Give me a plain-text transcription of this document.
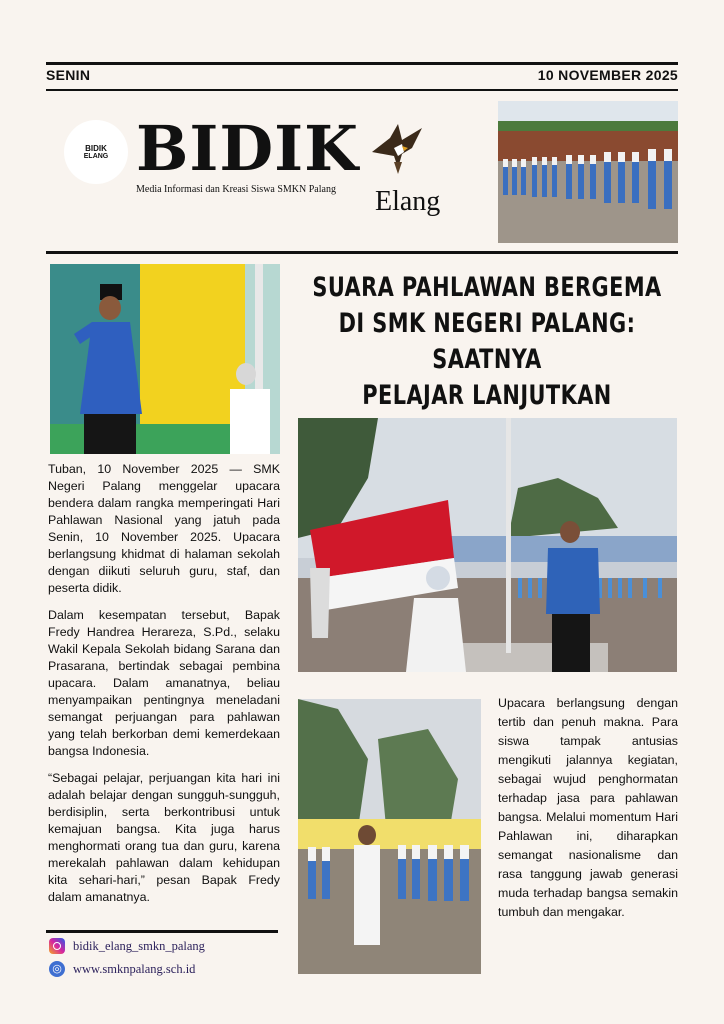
SENIN	10 NOVEMBER 2025
BIDIK
ELANG BIDIK
Media Informasi dan Kreasi Siswa SMKN Palang Elang
SUARA PAHLAWAN BERGEMA
DI SMK NEGERI PALANG: SAATNYA
PELAJAR LANJUTKAN

Tuban, 10 November 2025 — SMK Negeri Palang menggelar upacara bendera dalam rangka memperingati Hari Pahlawan Nasional yang jatuh pada Senin, 10 November 2025. Upacara berlangsung khidmat di halaman sekolah dengan diikuti seluruh guru, staf, dan peserta didik.

Dalam kesempatan tersebut, Bapak Fredy Handrea Herareza, S.Pd., selaku Wakil Kepala Sekolah bidang Sarana dan Prasarana, bertindak sebagai pembina upacara. Dalam amanatnya, beliau menyampaikan pentingnya meneladani semangat perjuangan para pahlawan yang telah berkorban demi kemerdekaan bangsa Indonesia.

“Sebagai pelajar, perjuangan kita hari ini adalah belajar dengan sungguh-sungguh, berdisiplin, serta berkontribusi untuk kemajuan bangsa. Kita juga harus menghormati orang tua dan guru, karena merekalah pahlawan dalam kehidupan kita sehari-hari,” pesan Bapak Fredy dalam amanatnya.

Upacara berlangsung dengan tertib dan penuh makna. Para siswa tampak antusias mengikuti jalannya kegiatan, sebagai wujud penghormatan terhadap jasa para pahlawan bangsa. Melalui momentum Hari Pahlawan ini, diharapkan semangat nasionalisme dan rasa tanggung jawab generasi muda terhadap bangsa semakin tumbuh dan mengakar.

bidik_elang_smkn_palang
◎ www.smknpalang.sch.id
